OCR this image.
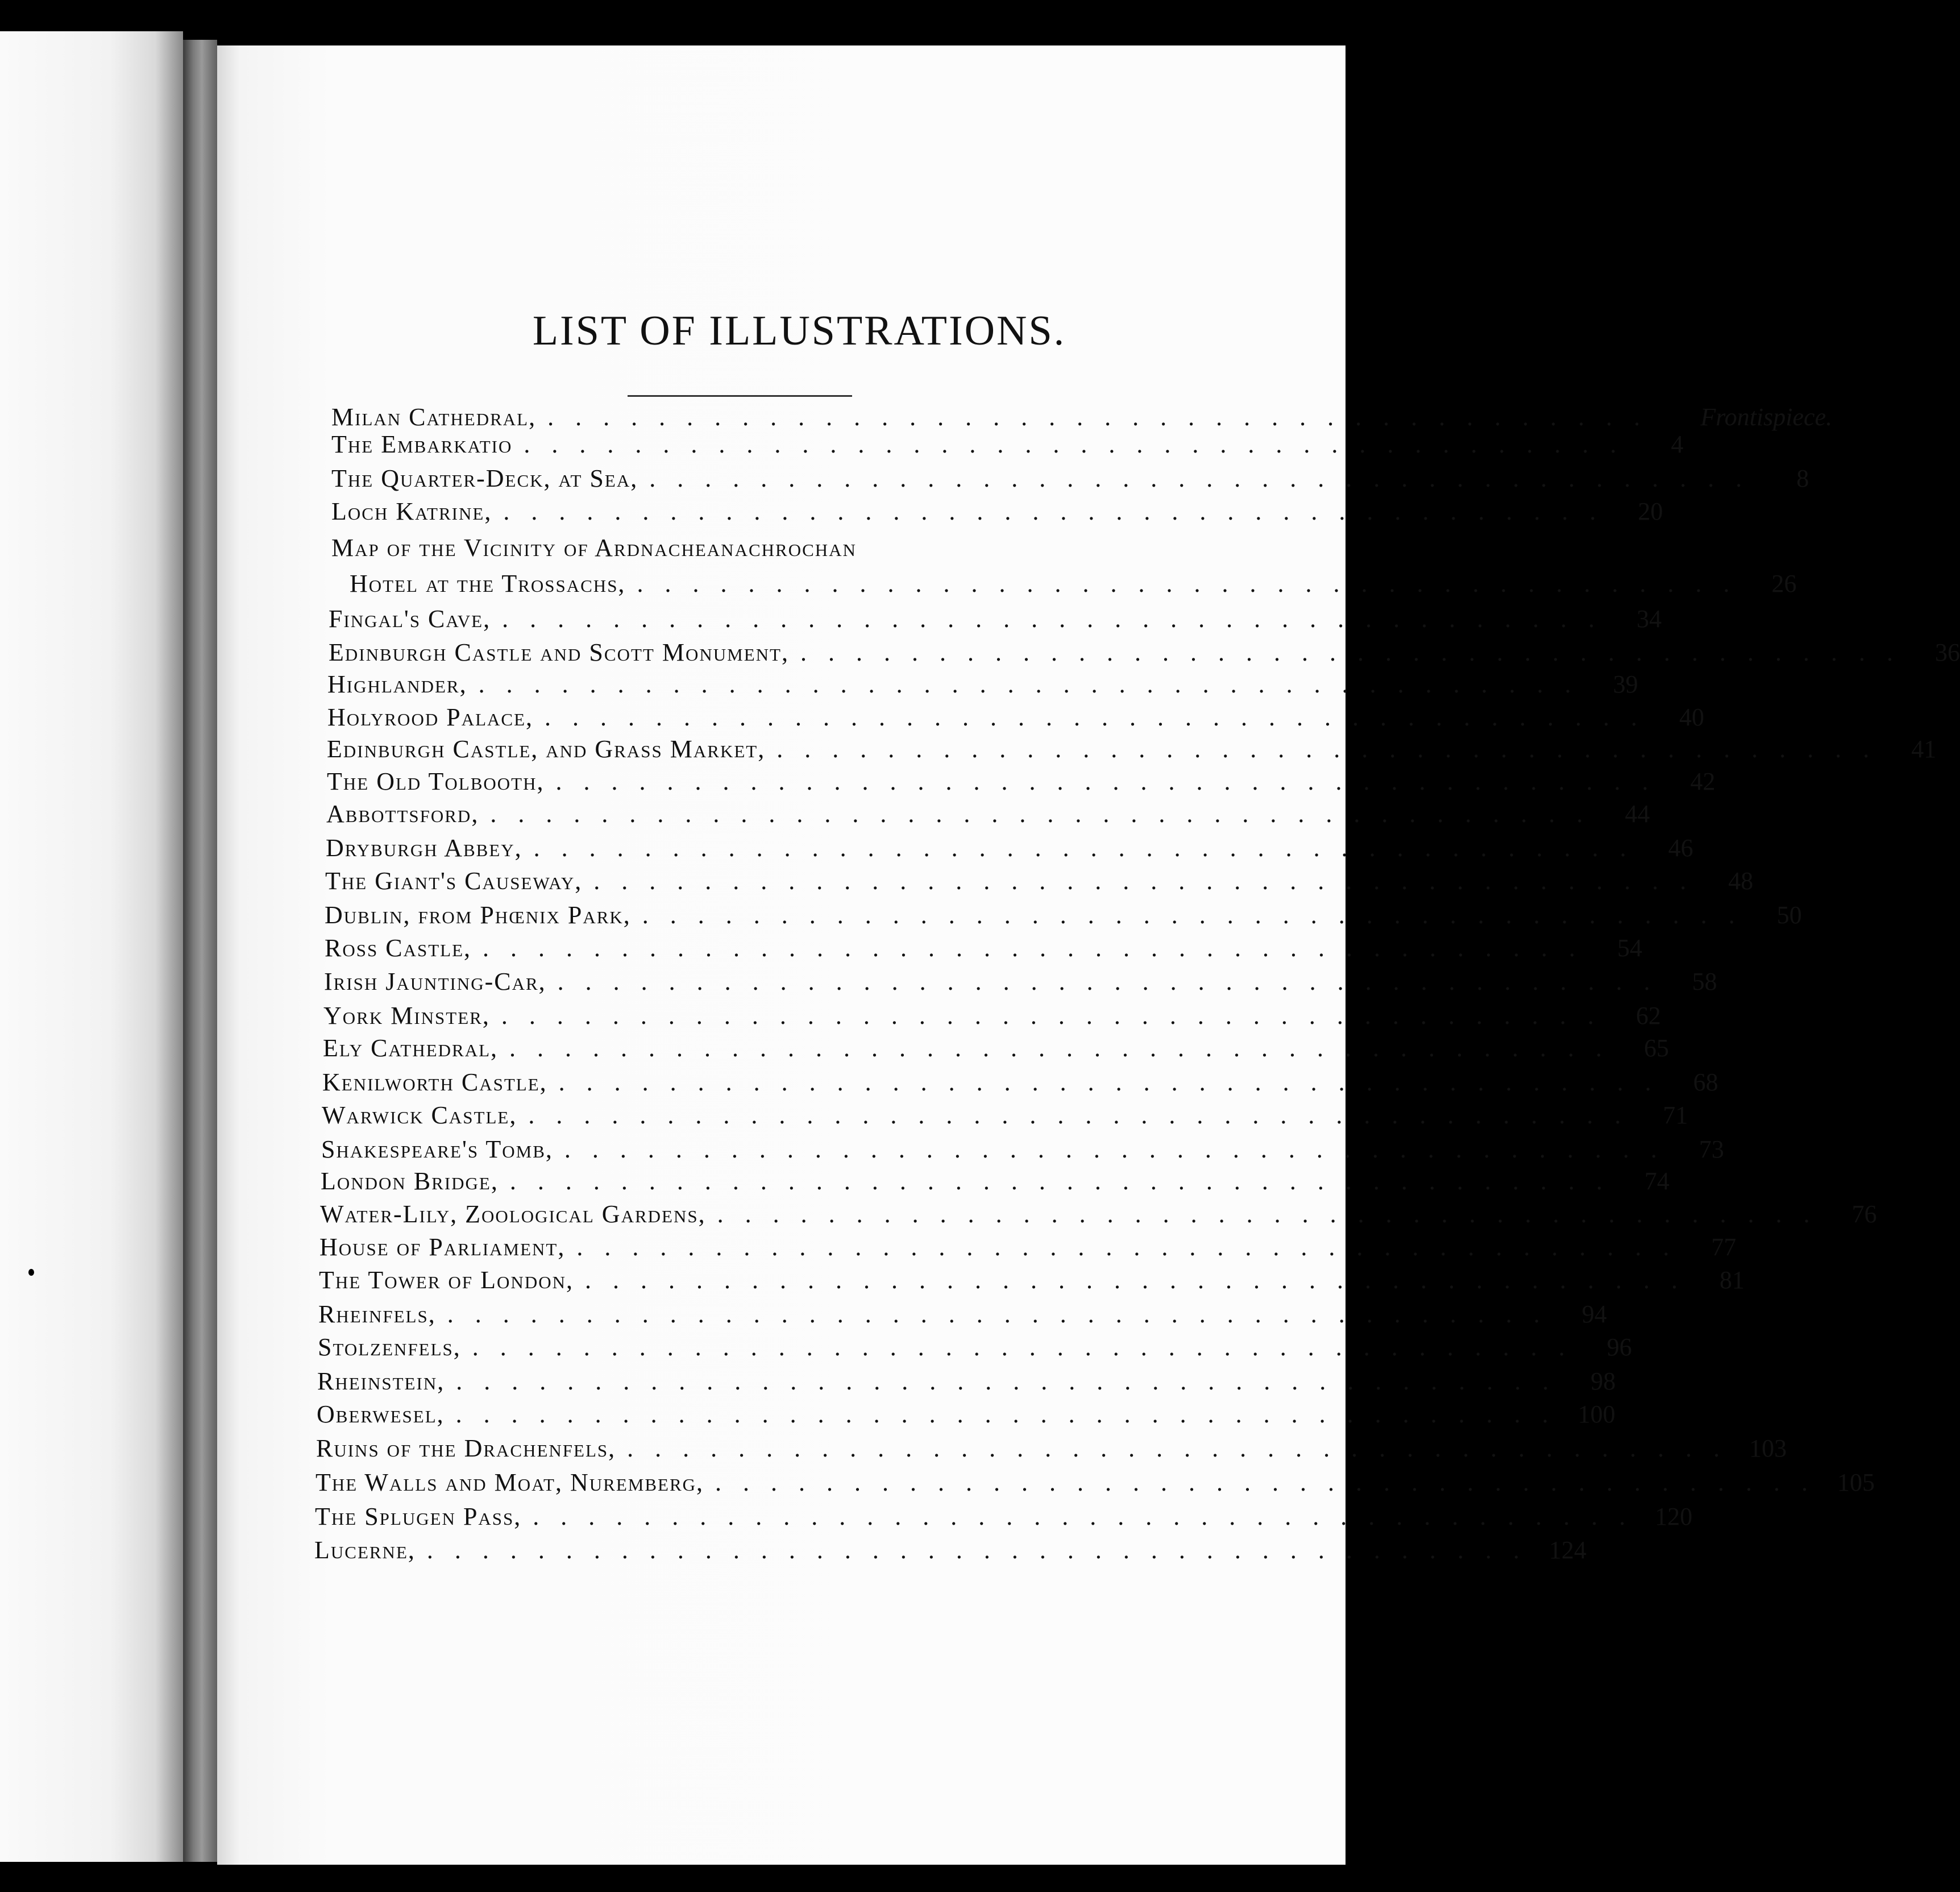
LIST OF ILLUSTRATIONS.
Milan Cathedral, ........................................	Frontispiece.
The Embarkatio ........................................	4
The Quarter-Deck, at Sea, ........................................	8
Loch Katrine, ........................................ 20
Map of the Vicinity of Ardnacheanachrochan
Hotel at the Trossachs, ........................................ 26
Fingal's Cave, ........................................ 34
Edinburgh Castle and Scott Monument, ........................................ 36
Highlander, ........................................ 39
Holyrood Palace, ........................................ 40
Edinburgh Castle, and Grass Market, ........................................ 41
The Old Tolbooth, ........................................ 42
Abbottsford, ........................................ 44
Dryburgh Abbey, ........................................ 46
The Giant's Causeway, ........................................ 48
Dublin, from Phœnix Park, ........................................ 50
Ross Castle, ........................................ 54
Irish Jaunting-Car, ........................................ 58
York Minster, ........................................ 62
Ely Cathedral, ........................................ 65
Kenilworth Castle, ........................................ 68
Warwick Castle, ........................................ 71
Shakespeare's Tomb, ........................................ 73
London Bridge, ........................................ 74
Water-Lily, Zoological Gardens, ........................................ 76
House of Parliament, ........................................ 77
The Tower of London, ........................................ 81
Rheinfels, ........................................ 94
Stolzenfels, ........................................ 96
Rheinstein, ........................................ 98
Oberwesel, ........................................ 100
Ruins of the Drachenfels, ........................................ 103
The Walls and Moat, Nuremberg, ........................................ 105
The Splugen Pass, ........................................ 120
Lucerne, ........................................ 124
